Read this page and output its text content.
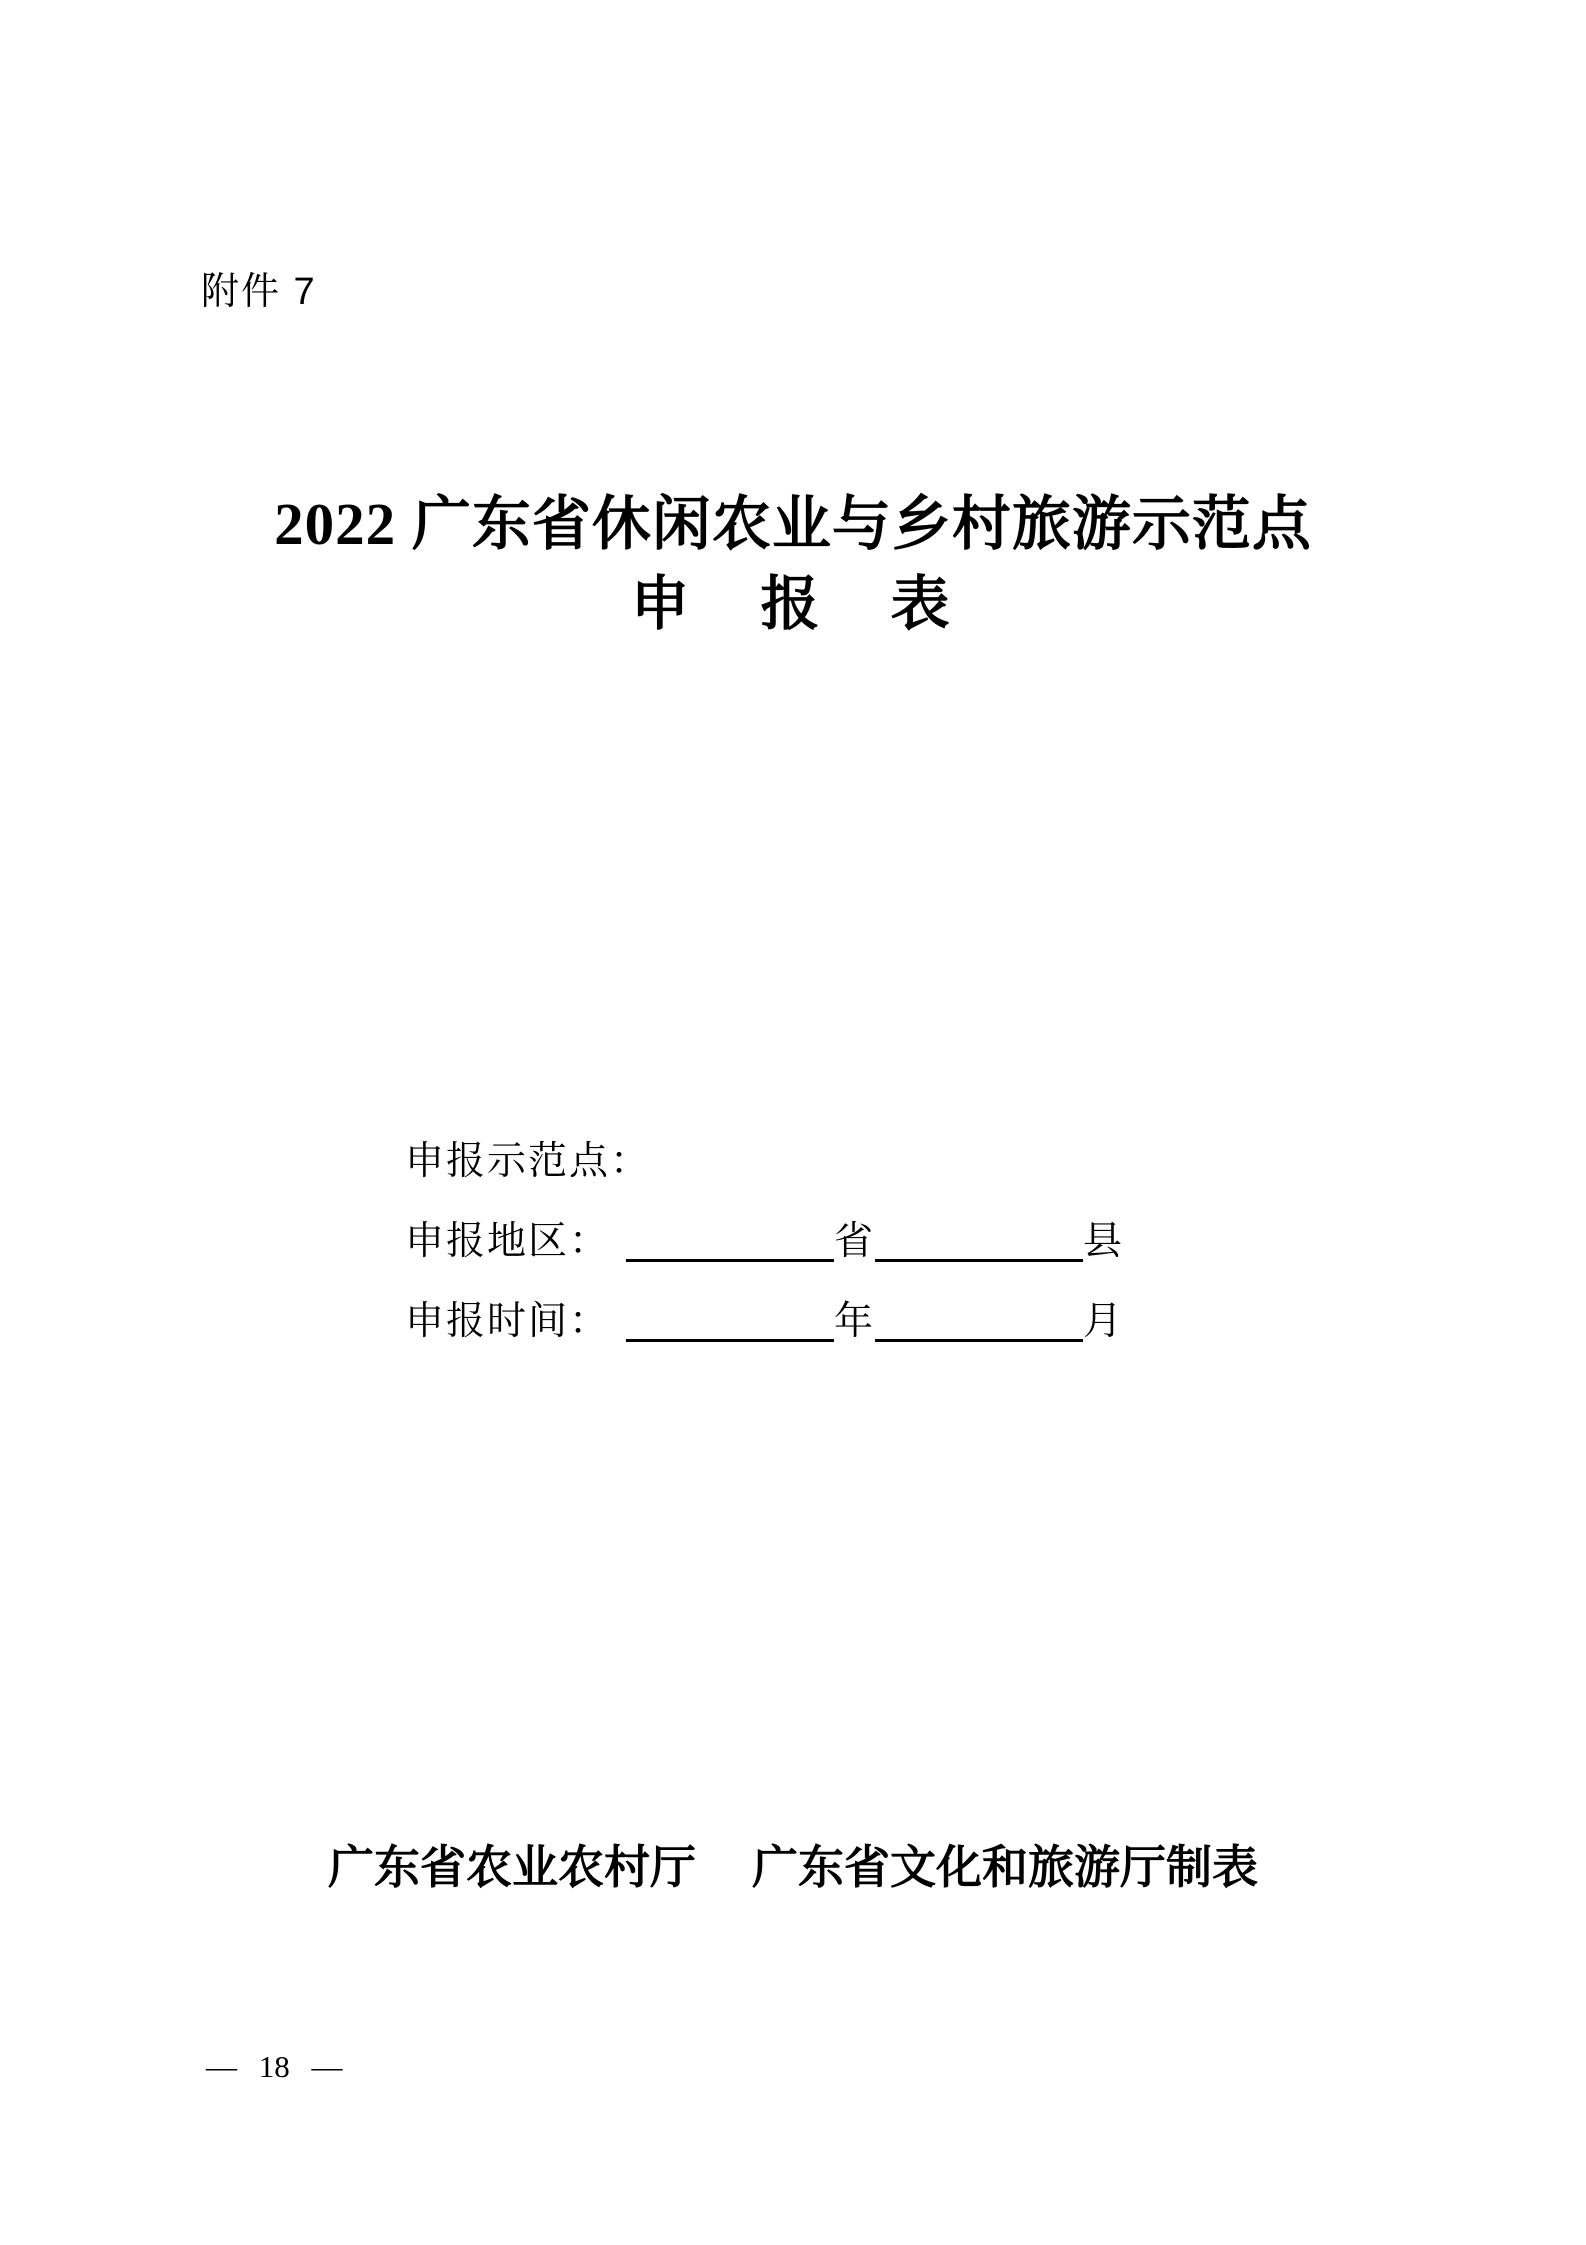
附件 7
2022 广东省休闲农业与乡村旅游示范点
申　报　表
申报示范点：
申报地区：	省	县
申报时间：	年	月
广东省农业农村厅 广东省文化和旅游厅制表
— 18 —
